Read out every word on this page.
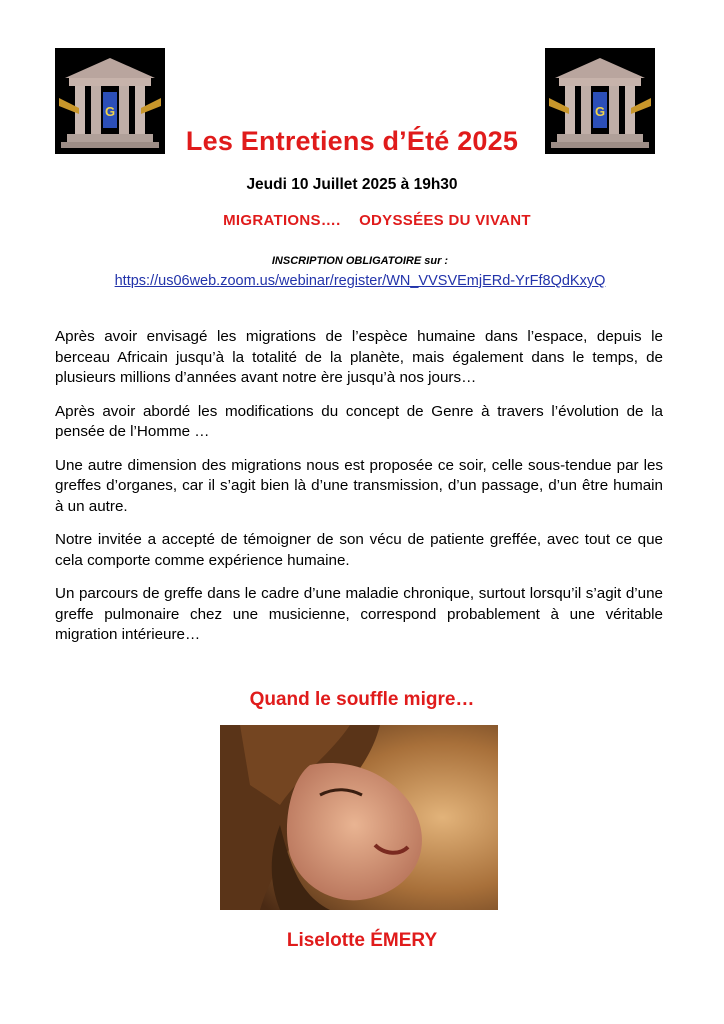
G	G
Les Entretiens d’Été 2025
Jeudi 10 Juillet 2025 à 19h30
MIGRATIONS…. ODYSSÉES DU VIVANT
INSCRIPTION OBLIGATOIRE sur :
https://us06web.zoom.us/webinar/register/WN_VVSVEmjERd-YrFf8QdKxyQ

Après avoir envisagé les migrations de l’espèce humaine dans l’espace, depuis le berceau Africain jusqu’à la totalité de la planète, mais également dans le temps, de plusieurs millions d’années avant notre ère jusqu’à nos jours…

Après avoir abordé les modifications du concept de Genre à travers l’évolution de la pensée de l’Homme …

Une autre dimension des migrations nous est proposée ce soir, celle sous-tendue par les greffes d’organes, car il s’agit bien là d’une transmission, d’un passage, d’un être humain à un autre.

Notre invitée a accepté de témoigner de son vécu de patiente greffée, avec tout ce que cela comporte comme expérience humaine.

Un parcours de greffe dans le cadre d’une maladie chronique, surtout lorsqu’il s’agit d’une greffe pulmonaire chez une musicienne, correspond probablement à une véritable migration intérieure…

Quand le souffle migre…
Liselotte ÉMERY
